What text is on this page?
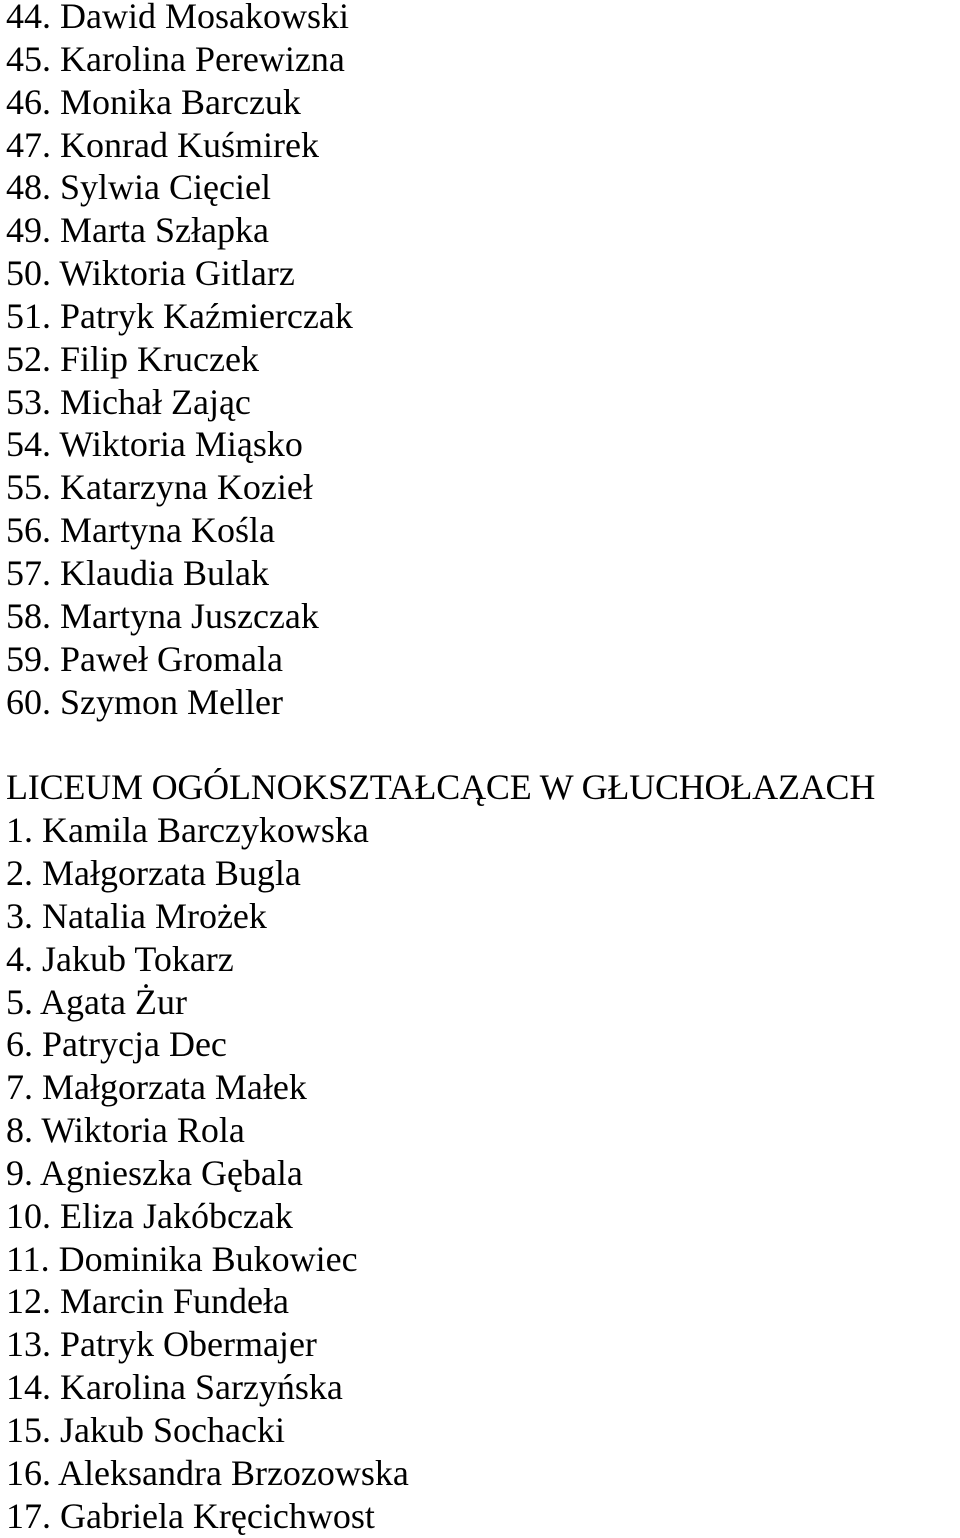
44. Dawid Mosakowski
45. Karolina Perewizna
46. Monika Barczuk
47. Konrad Kuśmirek
48. Sylwia Cięciel
49. Marta Szłapka
50. Wiktoria Gitlarz
51. Patryk Kaźmierczak
52. Filip Kruczek
53. Michał Zając
54. Wiktoria Miąsko
55. Katarzyna Kozieł
56. Martyna Kośla
57. Klaudia Bulak
58. Martyna Juszczak
59. Paweł Gromala
60. Szymon Meller
LICEUM OGÓLNOKSZTAŁCĄCE W GŁUCHOŁAZACH
1. Kamila Barczykowska
2. Małgorzata Bugla
3. Natalia Mrożek
4. Jakub Tokarz
5. Agata Żur
6. Patrycja Dec
7. Małgorzata Małek
8. Wiktoria Rola
9. Agnieszka Gębala
10. Eliza Jakóbczak
11. Dominika Bukowiec
12. Marcin Fundeła
13. Patryk Obermajer
14. Karolina Sarzyńska
15. Jakub Sochacki
16. Aleksandra Brzozowska
17. Gabriela Kręcichwost
